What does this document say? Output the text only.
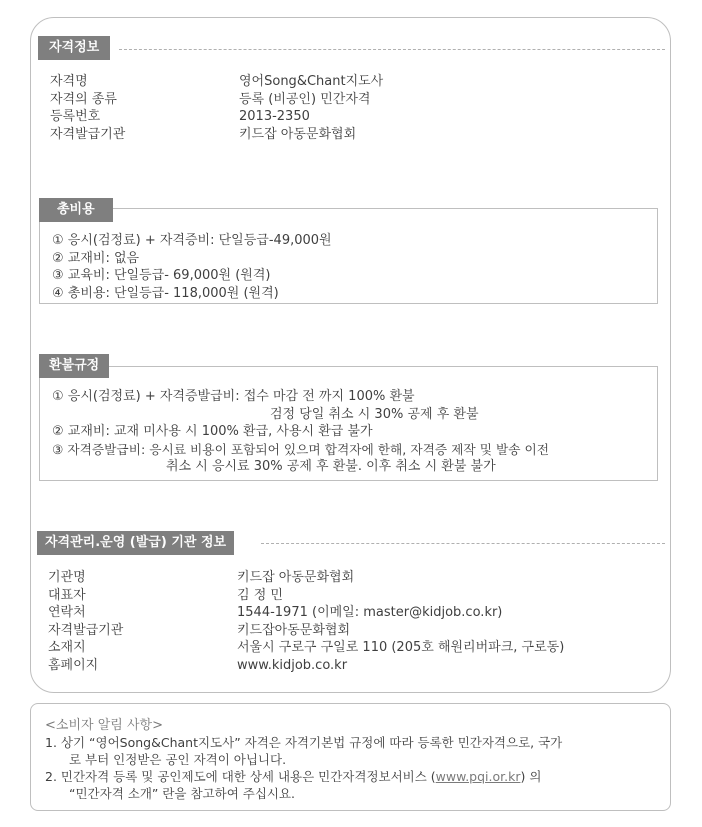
자격정보
자격명	영어Song&Chant지도사
자격의 종류	등록 (비공인) 민간자격
등록번호	2013-2350
자격발급기관	키드잡 아동문화협회
총비용
① 응시(검정료) + 자격증비: 단일등급-49,000원
② 교재비: 없음
③ 교육비: 단일등급- 69,000원 (원격)
④ 총비용: 단일등급- 118,000원 (원격)
환불규정
① 응시(검정료) + 자격증발급비: 접수 마감 전 까지 100% 환불
검정 당일 취소 시 30% 공제 후 환불
② 교재비: 교재 미사용 시 100% 환급, 사용시 환급 불가
③ 자격증발급비: 응시료 비용이 포함되어 있으며 합격자에 한해, 자격증 제작 및 발송 이전
취소 시 응시료 30% 공제 후 환불. 이후 취소 시 환불 불가
자격관리.운영 (발급) 기관 정보
기관명	키드잡 아동문화협회
대표자	김 정 민
연락처	1544-1971 (이메일: master@kidjob.co.kr)
자격발급기관	키드잡아동문화협회
소재지	서울시 구로구 구일로 110 (205호 해원리버파크, 구로동)
홈페이지	www.kidjob.co.kr
<소비자 알림 사항>
1. 상기 “영어Song&Chant지도사” 자격은 자격기본법 규정에 따라 등록한 민간자격으로, 국가
로 부터 인정받은 공인 자격이 아닙니다.
2. 민간자격 등록 및 공인제도에 대한 상세 내용은 민간자격정보서비스 (www.pqi.or.kr) 의
“민간자격 소개” 란을 참고하여 주십시요.
